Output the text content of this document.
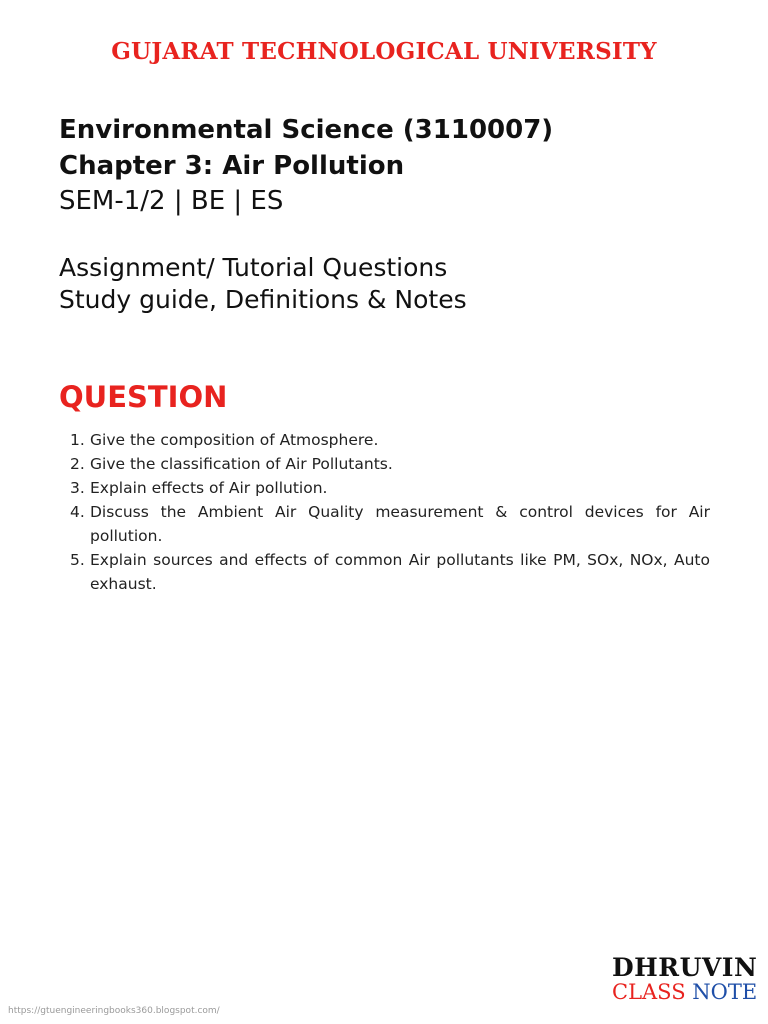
GUJARAT TECHNOLOGICAL UNIVERSITY
Environmental Science (3110007)
Chapter 3: Air Pollution
SEM-1/2 | BE | ES
Assignment/ Tutorial Questions
Study guide, Definitions & Notes
QUESTION
1. Give the composition of Atmosphere.
2. Give the classification of Air Pollutants.
3. Explain effects of Air pollution.
4. Discuss the Ambient Air Quality measurement & control devices for Air pollution.
5. Explain sources and effects of common Air pollutants like PM, SOx, NOx, Auto exhaust.
https://gtuengineeringbooks360.blogspot.com/
DHRUVIN
CLASS NOTE
